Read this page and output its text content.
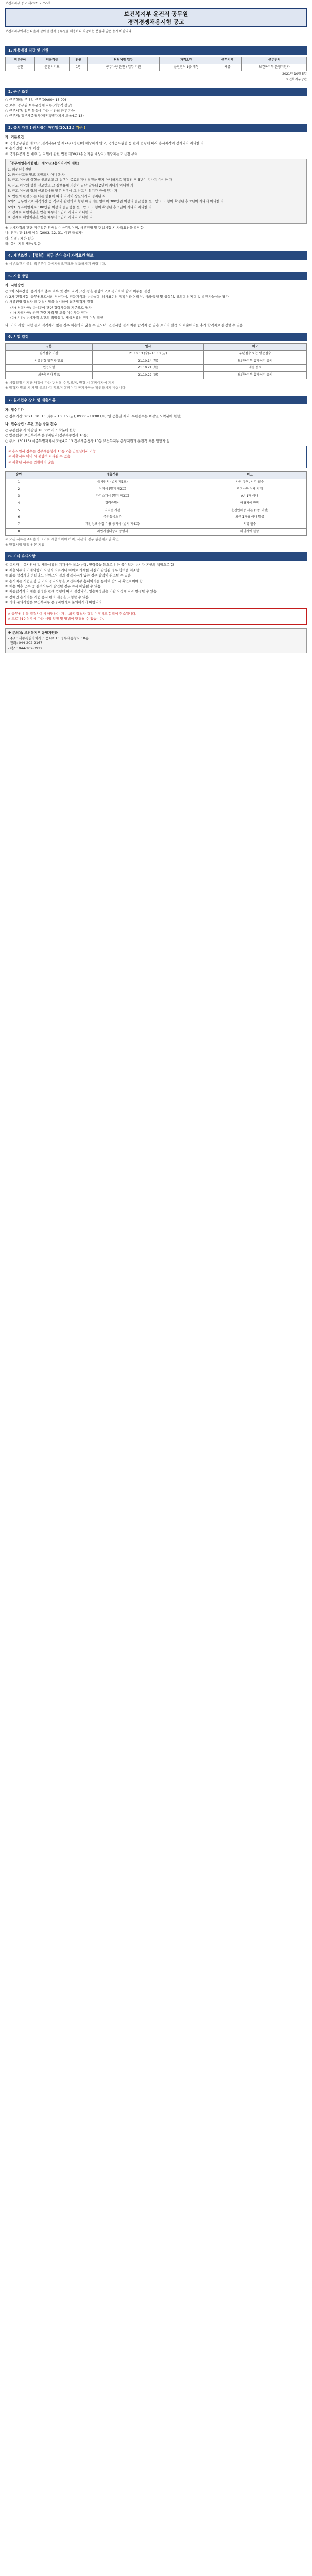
보건복지부 공고 제2021 - 755호
보건복지부 운전직 공무원
경력경쟁채용시험 공고
보건복지부에서는 다음과 같이 운전직 공무원을 채용하니 희망하는 분들의 많은 응시 바랍니다.
1. 채용예정 직급 및 인원
직류분야	임용직급	인원	담당예정 업무	자격요건	근무지역	근무부서
운전	운전서기보	1명	공무차량 운전 / 업무 지원	운전면허 1종 대형	세종	보건복지부 운영지원과
2021년 10월 5일
보건복지부장관
2. 근무 조건
○ 근무형태: 주 5일 근무(09:00~18:00)
○ 보수: 공무원 보수규정에 따름(기능직 상당)
○ 근무시간: 업무 특성에 따라 시간외 근무 가능
○ 근무지: 정부세종청사(세종특별자치시 도움4로 13)
3. 응시 자격 ( 원서접수 마감일(10.13.) 기준 )

가. 기본요건

① 국가공무원법 제33조(결격사유) 및 제74조(정년)에 해당하지 않고, 국가공무원법 등 관계 법령에 따라 응시자격이 정지되지 아니한 자
② 응시연령: 18세 이상
③ 국가유공자 등 예우 및 지원에 관한 법률 제30조(취업지원 대상자) 해당자는 가산점 부여

「공무원임용시험령」 제51조(응시자격의 제한)

1. 피성년후견인
2. 파산선고를 받고 복권되지 아니한 자
3. 금고 이상의 실형을 선고받고 그 집행이 종료되거나 집행을 받지 아니하기로 확정된 후 5년이 지나지 아니한 자
4. 금고 이상의 형을 선고받고 그 집행유예 기간이 끝난 날부터 2년이 지나지 아니한 자
5. 금고 이상의 형의 선고유예를 받은 경우에 그 선고유예 기간 중에 있는 자
6. 법원의 판결 또는 다른 법률에 따라 자격이 상실되거나 정지된 자
6의2. 공무원으로 재직기간 중 직무와 관련하여 횡령·배임죄를 범하여 300만원 이상의 벌금형을 선고받고 그 형이 확정된 후 2년이 지나지 아니한 자
6의3. 성폭력범죄로 100만원 이상의 벌금형을 선고받고 그 형이 확정된 후 3년이 지나지 아니한 자
7. 징계로 파면처분을 받은 때부터 5년이 지나지 아니한 자
8. 징계로 해임처분을 받은 때부터 3년이 지나지 아니한 자
※ 응시자격의 판단 기준일은 원서접수 마감일이며, 서류전형 및 면접시험 시 자격요건을 확인함
나. 연령: 만 18세 이상 (2003. 12. 31. 이전 출생자)
다. 성별 : 제한 없음
라. 응시 지역 제한: 없음
4. 세부조건 : 【별첨】 직무 분야 응시 자격요건 참조

※ 세부조건은 붙임 직무분야 응시자격요건표를 참조하시기 바랍니다.

5. 시험 방법

가. 시험방법

○ 1차 서류전형: 응시자격 충족 여부 및 경력·자격 요건 등을 종합적으로 평가하여 합격 여부를 결정
○ 2차 면접시험: 공무원으로서의 정신자세, 전문지식과 응용능력, 의사표현의 정확성과 논리성, 예의·품행 및 성실성, 창의력·의지력 및 발전가능성을 평가
○ 서류전형 합격자 중 면접시험을 실시하여 최종합격자 결정
(가) 경력사항: 응시분야 관련 경력사항을 기준으로 평가
(나) 자격사항: 운전 관련 자격 및 교육 이수사항 평가
(다) 기타: 응시자격 요건의 적합성 및 제출서류의 진위여부 확인

나. 기타 사항: 시험 결과 적격자가 없는 경우 채용하지 않을 수 있으며, 면접시험 결과 최종 합격자 중 임용 포기자 발생 시 차순위자를 추가 합격자로 결정할 수 있음

6. 시험 일정
구분	일시	비고
원서접수 기간	21.10.13.(수)~10.13.(금)	우편접수 또는 방문접수
서류전형 합격자 발표	21.10.14.(목)	보건복지부 홈페이지 공지
면접시험	21.10.21.(목)	개별 통보
최종합격자 발표	21.10.22.(금)	보건복지부 홈페이지 공지
※ 시험일정은 기관 사정에 따라 변경될 수 있으며, 변경 시 홈페이지에 게시
※ 합격자 발표 시 개별 통보하지 않으며 홈페이지 공지사항을 확인하시기 바랍니다.
7. 원서접수 장소 및 제출서류

가. 접수기간

○ 접수기간: 2021. 10. 13.(수) ~ 10. 15.(금), 09:00~18:00 (토요일·공휴일 제외, 우편접수는 마감일 도착분에 한함)

나. 접수방법 : 우편 또는 방문 접수

○ 우편접수 시 마감일 18:00까지 도착분에 한함
○ 방문접수: 보건복지부 운영지원과(정부세종청사 10동)
○ 주소: (30113) 세종특별자치시 도움4로 13 정부세종청사 10동 보건복지부 운영지원과 운전직 채용 담당자 앞
※ 응시원서 접수는 정부세종청사 10동 2층 민원실에서 가능
※ 제출서류 미비 시 불합격 처리될 수 있음
※ 제출된 서류는 반환하지 않음
순번	제출서류	비고
1	응시원서 (별지 제1호)	사진 부착, 서명 필수
2	이력서 (별지 제2호)	경력사항 상세 기재
3	자기소개서 (별지 제3호)	A4 1매 이내
4	경력증명서	해당자에 한함
5	자격증 사본	운전면허증 사본 (1종 대형)
6	주민등록초본	최근 1개월 이내 발급
7	개인정보 수집·이용 동의서 (별지 제4호)	서명 필수
8	취업지원대상자 증명서	해당자에 한함
※ 모든 서류는 A4 용지 크기로 제출하여야 하며, 사본의 경우 원본대조필 확인
※ 면접시험 당일 원본 지참
8. 기타 유의사항
① 응시자는 응시원서 및 제출서류의 기재사항 착오·누락, 연락불능 등으로 인한 불이익은 응시자 본인의 책임으로 함
② 제출서류의 기재사항이 사실과 다르거나 허위로 기재한 사실이 판명될 경우 합격을 취소함
③ 최종 합격자라 하더라도 신원조사 결과 결격사유가 있는 경우 합격이 취소될 수 있음
④ 응시자는 시험일정 및 기타 공지사항을 보건복지부 홈페이지를 통하여 반드시 확인하여야 함
⑤ 채용 이후 근무 중 결격사유가 발견될 경우 즉시 해임될 수 있음
⑥ 최종합격자의 채용 결정은 관계 법령에 따라 결정되며, 임용예정일은 기관 사정에 따라 변경될 수 있음
⑦ 장애인 응시자는 시험 응시 편의 제공을 요청할 수 있음
⑧ 기타 문의사항은 보건복지부 운영지원과로 문의하시기 바랍니다.
※ 공무원 임용 결격사유에 해당하는 자는 최종 합격자 결정 이후에도 합격이 취소됩니다.
※ 코로나19 상황에 따라 시험 일정 및 방법이 변경될 수 있습니다.

※ 문의처: 보건복지부 운영지원과

- 주소: 세종특별자치시 도움4로 13 정부세종청사 10동

- 전화: 044-202-2167

- 팩스: 044-202-3922
